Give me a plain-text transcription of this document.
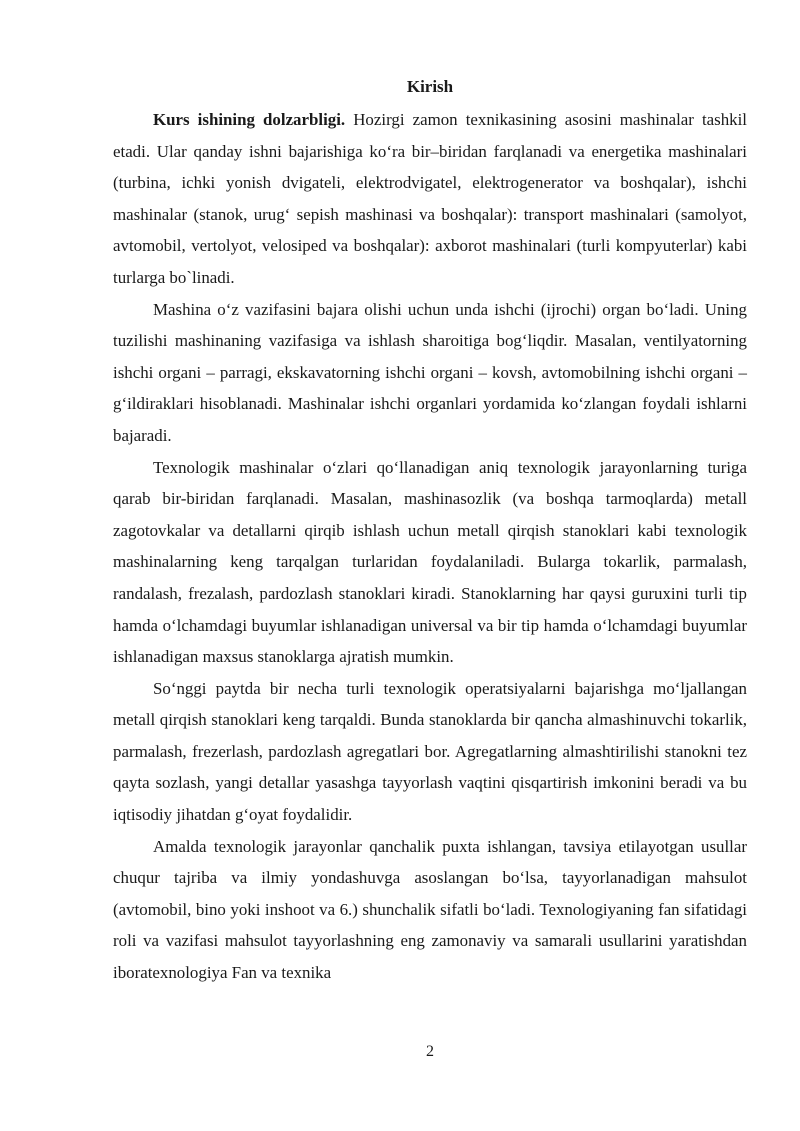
Kirish

Kurs ishining dolzarbligi. Hozirgi zamon texnikasining asosini mashinalar tashkil etadi. Ular qanday ishni bajarishiga ko‘ra bir–biridan farqlanadi va energetika mashinalari (turbina, ichki yonish dvigateli, elektrodvigatel, elektrogenerator va boshqalar), ishchi mashinalar (stanok, urug‘ sepish mashinasi va boshqalar): transport mashinalari (samolyot, avtomobil, vertolyot, velosiped va boshqalar): axborot mashinalari (turli kompyuterlar) kabi turlarga bo`linadi.

Mashina o‘z vazifasini bajara olishi uchun unda ishchi (ijrochi) organ bo‘ladi. Uning tuzilishi mashinaning vazifasiga va ishlash sharoitiga bog‘liqdir. Masalan, ventilyatorning ishchi organi – parragi, ekskavatorning ishchi organi – kovsh, avtomobilning ishchi organi – g‘ildiraklari hisoblanadi. Mashinalar ishchi organlari yordamida ko‘zlangan foydali ishlarni bajaradi.

Texnologik mashinalar o‘zlari qo‘llanadigan aniq texnologik jarayonlarning turiga qarab bir-biridan farqlanadi. Masalan, mashinasozlik (va boshqa tarmoqlarda) metall zagotovkalar va detallarni qirqib ishlash uchun metall qirqish stanoklari kabi texnologik mashinalarning keng tarqalgan turlaridan foydalaniladi. Bularga tokarlik, parmalash, randalash, frezalash, pardozlash stanoklari kiradi. Stanoklarning har qaysi guruxini turli tip hamda o‘lchamdagi buyumlar ishlanadigan universal va bir tip hamda o‘lchamdagi buyumlar ishlanadigan maxsus stanoklarga ajratish mumkin.

So‘nggi paytda bir necha turli texnologik operatsiyalarni bajarishga mo‘ljallangan metall qirqish stanoklari keng tarqaldi. Bunda stanoklarda bir qancha almashinuvchi tokarlik, parmalash, frezerlash, pardozlash agregatlari bor. Agregatlarning almashtirilishi stanokni tez qayta sozlash, yangi detallar yasashga tayyorlash vaqtini qisqartirish imkonini beradi va bu iqtisodiy jihatdan g‘oyat foydalidir.

Amalda texnologik jarayonlar qanchalik puxta ishlangan, tavsiya etilayotgan usullar chuqur tajriba va ilmiy yondashuvga asoslangan bo‘lsa, tayyorlanadigan mahsulot (avtomobil, bino yoki inshoot va 6.) shunchalik sifatli bo‘ladi. Texnologiyaning fan sifatidagi roli va vazifasi mahsulot tayyorlashning eng zamonaviy va samarali usullarini yaratishdan iboratexnologiya Fan va texnika

2
